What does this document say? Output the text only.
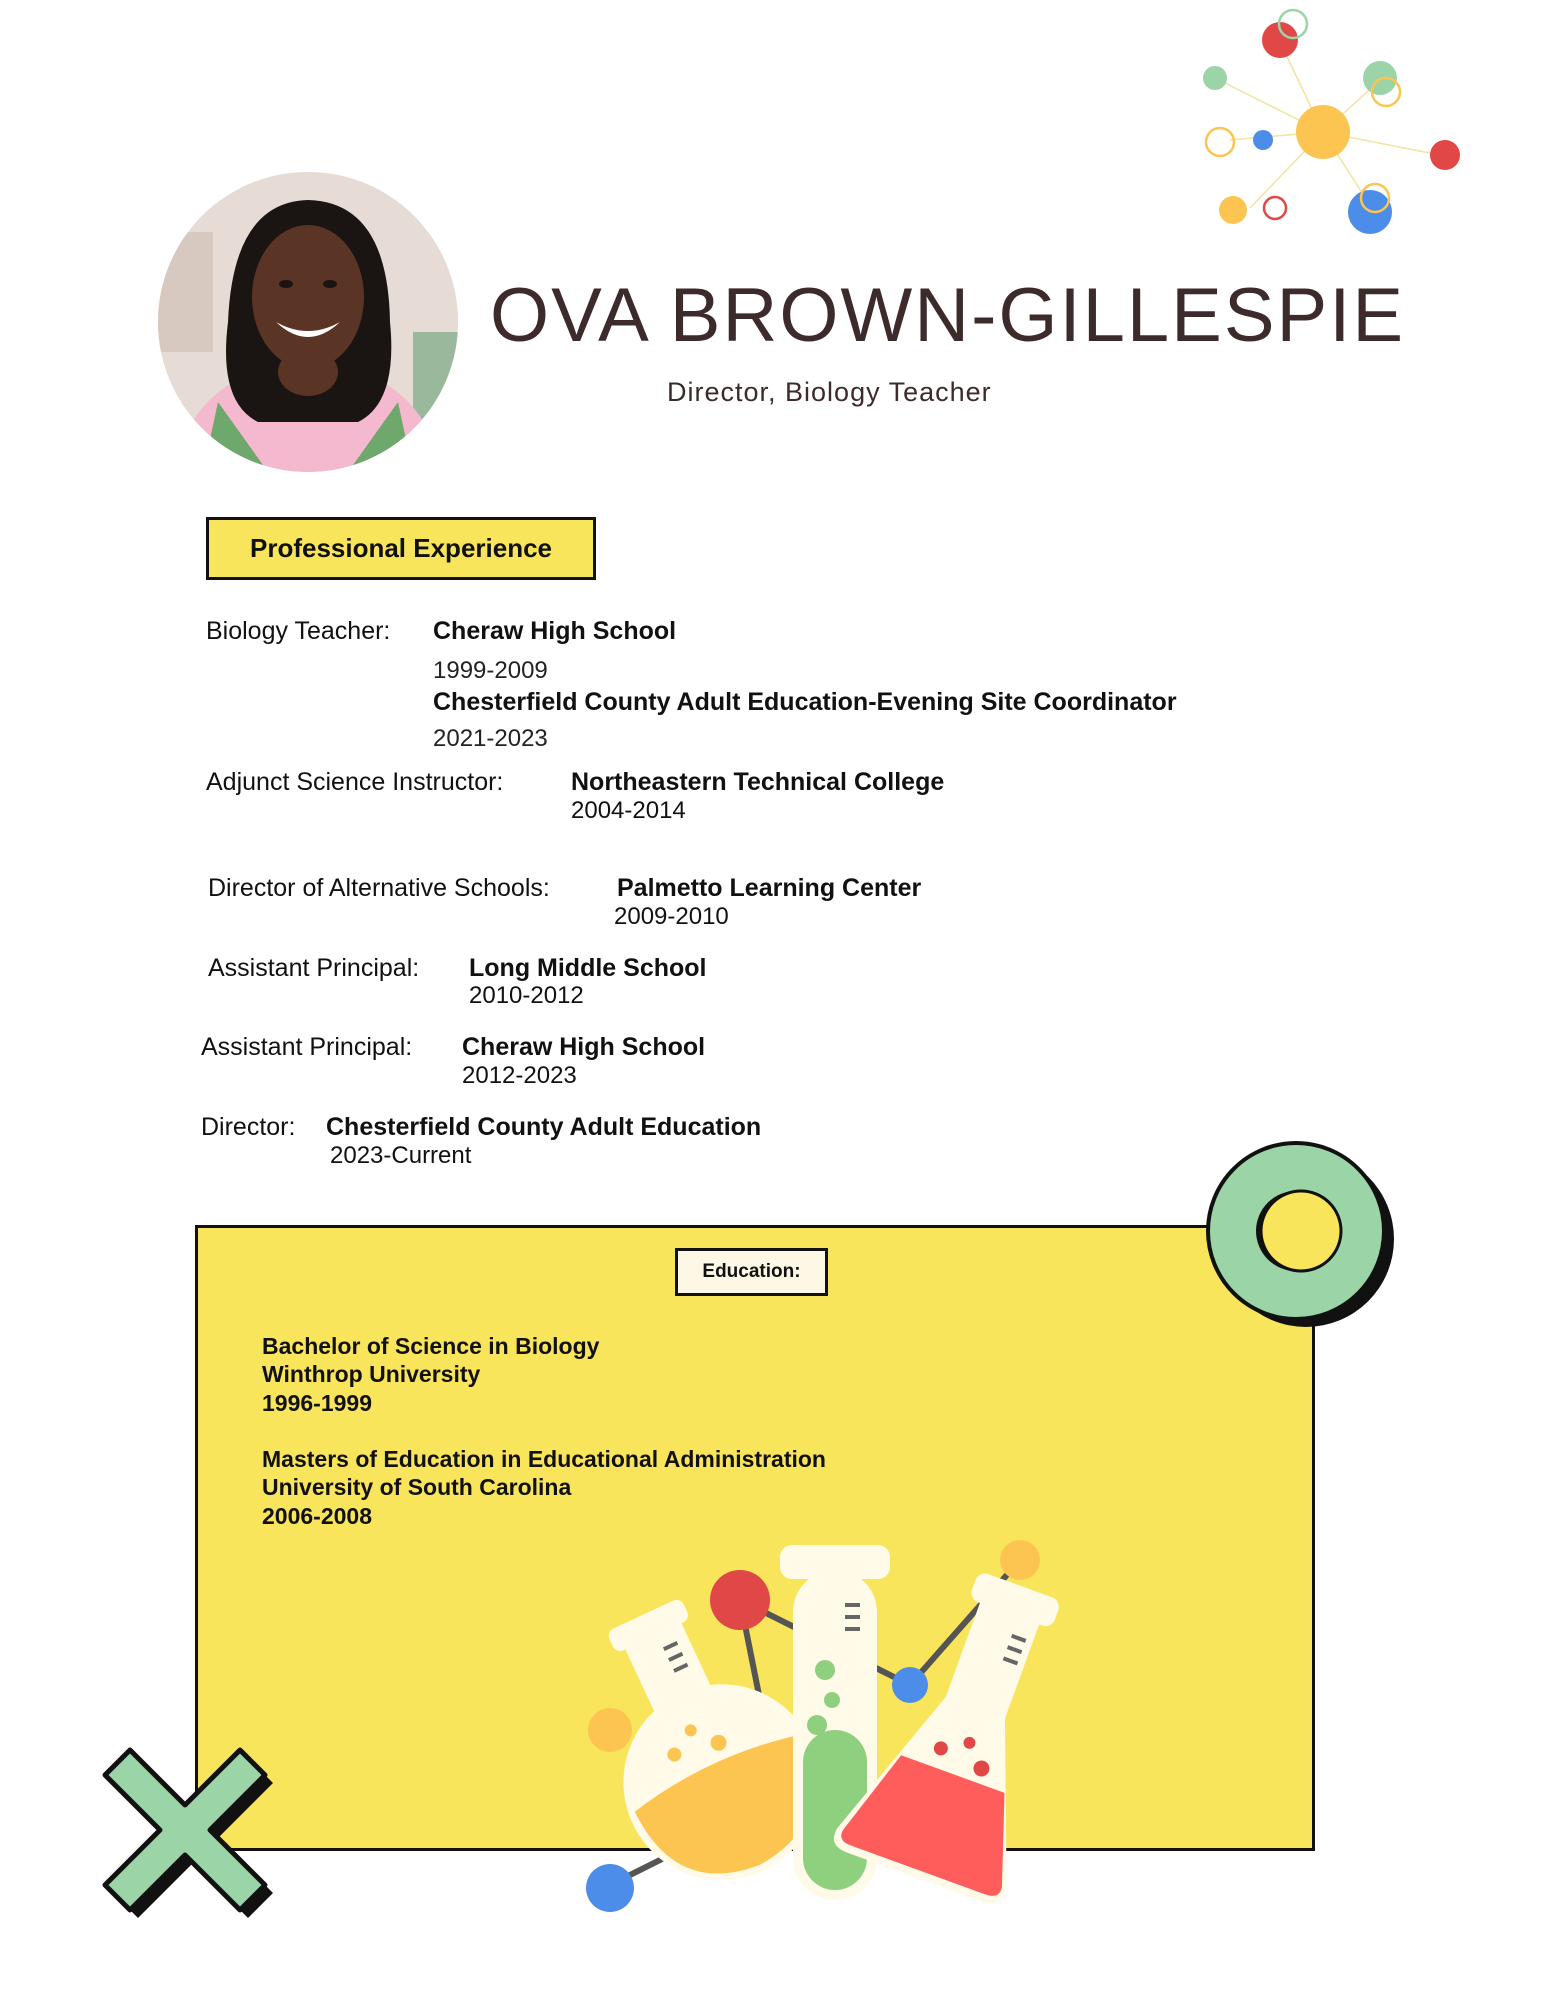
OVA BROWN-GILLESPIE
Director, Biology Teacher
Professional Experience
Biology Teacher: Cheraw High School
1999-2009
Chesterfield County Adult Education-Evening Site Coordinator
2021-2023
Adjunct Science Instructor:	Northeastern Technical College
2004-2014
Director of Alternative Schools:	Palmetto Learning Center
2009-2010
Assistant Principal: Long Middle School
2010-2012
Assistant Principal: Cheraw High School
2012-2023
Director: Chesterfield County Adult Education
2023-Current
Education:
Bachelor of Science in Biology
Winthrop University
1996-1999
Masters of Education in Educational Administration
University of South Carolina
2006-2008
